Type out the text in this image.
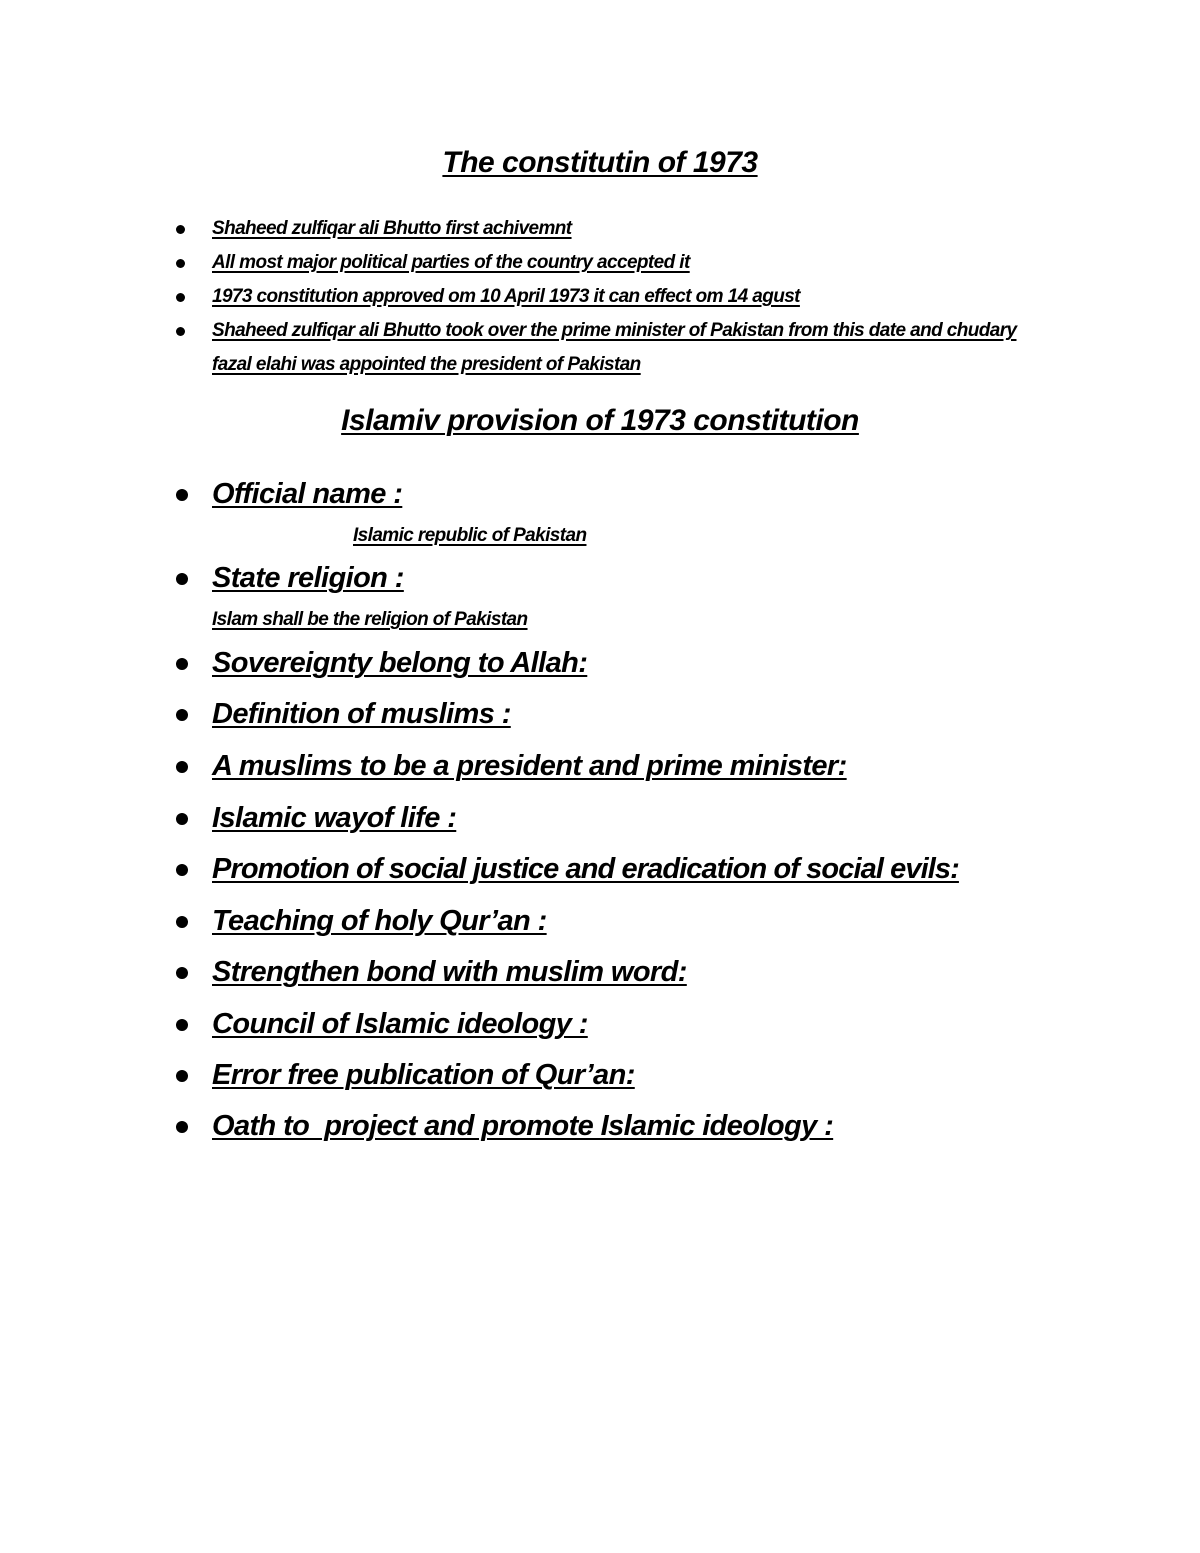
The constitutin of 1973
Shaheed zulfiqar ali Bhutto first achivemnt
All most major political parties of the country accepted it
1973 constitution approved om 10 April 1973 it can effect om 14 agust
Shaheed zulfiqar ali Bhutto took over the prime minister of Pakistan from this date and chudary fazal elahi was appointed the president of Pakistan
Islamiv provision of 1973 constitution
Official name :
Islamic republic of Pakistan
State religion :
Islam shall be the religion of Pakistan
Sovereignty belong to Allah:
Definition of muslims :
A muslims to be a president and prime minister:
Islamic wayof life :
Promotion of social justice and eradication of social evils:
Teaching of holy Qur’an :
Strengthen bond with muslim word:
Council of Islamic ideology :
Error free publication of Qur’an:
Oath to  project and promote Islamic ideology :
